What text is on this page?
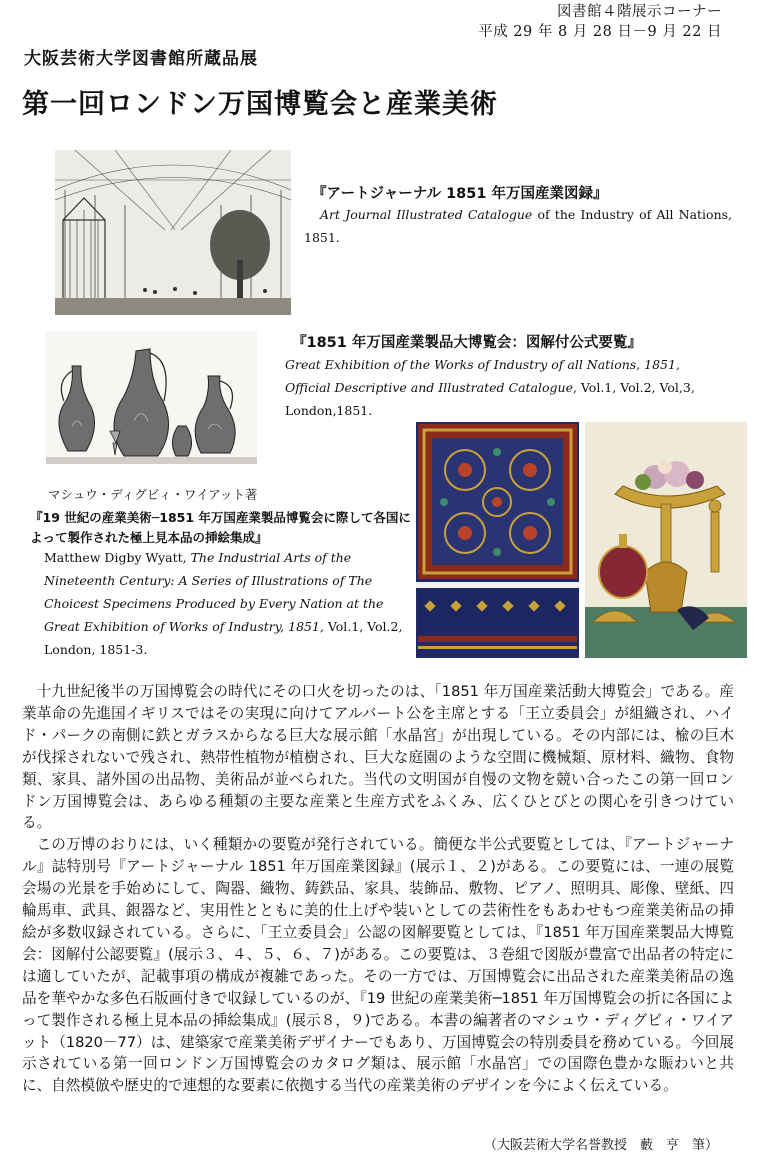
図書館４階展示コーナー
平成 29 年 8 月 28 日－9 月 22 日
大阪芸術大学図書館所蔵品展
第一回ロンドン万国博覧会と産業美術
『アートジャーナル 1851 年万国産業図録』
Art Journal Illustrated Catalogue of the Industry of All Nations, 1851.
『1851 年万国産業製品大博覧会：図解付公式要覧』
Great Exhibition of the Works of Industry of all Nations, 1851, Official Descriptive and Illustrated Catalogue, Vol.1, Vol.2, Vol,3, London,1851.
マシュウ・ディグビィ・ワイアット著
『19 世紀の産業美術─1851 年万国産業製品博覧会に際して各国によって製作された極上見本品の挿絵集成』
Matthew Digby Wyatt, The Industrial Arts of the Nineteenth Century: A Series of Illustrations of The Choicest Specimens Produced by Every Nation at the Great Exhibition of Works of Industry, 1851, Vol.1, Vol.2, London, 1851-3.

十九世紀後半の万国博覧会の時代にその口火を切ったのは、「1851 年万国産業活動大博覧会」である。産業革命の先進国イギリスではその実現に向けてアルバート公を主席とする「王立委員会」が組織され、ハイド・パークの南側に鉄とガラスからなる巨大な展示館「水晶宮」が出現している。その内部には、楡の巨木が伐採されないで残され、熱帯性植物が植樹され、巨大な庭園のような空間に機械類、原材料、織物、食物類、家具、諸外国の出品物、美術品が並べられた。当代の文明国が自慢の文物を競い合ったこの第一回ロンドン万国博覧会は、あらゆる種類の主要な産業と生産方式をふくみ、広くひとびとの関心を引きつけている。

この万博のおりには、いく種類かの要覧が発行されている。簡便な半公式要覧としては、『アートジャーナル』誌特別号『アートジャーナル 1851 年万国産業図録』(展示１、２)がある。この要覧には、一連の展覧会場の光景を手始めにして、陶器、織物、鋳鉄品、家具、装飾品、敷物、ピアノ、照明具、彫像、壁紙、四輪馬車、武具、銀器など、実用性とともに美的仕上げや装いとしての芸術性をもあわせもつ産業美術品の挿絵が多数収録されている。さらに、「王立委員会」公認の図解要覧としては、『1851 年万国産業製品大博覧会：図解付公認要覧』(展示３、４、５、６、７)がある。この要覧は、３巻組で図版が豊富で出品者の特定には適していたが、記載事項の構成が複雑であった。その一方では、万国博覧会に出品された産業美術品の逸品を華やかな多色石版画付きで収録しているのが、『19 世紀の産業美術─1851 年万国博覧会の折に各国によって製作される極上見本品の挿絵集成』(展示８，９)である。本書の編著者のマシュウ・ディグビィ・ワイアット（1820－77）は、建築家で産業美術デザイナーでもあり、万国博覧会の特別委員を務めている。今回展示されている第一回ロンドン万国博覧会のカタログ類は、展示館「水晶宮」での国際色豊かな賑わいと共に、自然模倣や歴史的で連想的な要素に依拠する当代の産業美術のデザインを今によく伝えている。

（大阪芸術大学名誉教授　藪　亨　筆）
